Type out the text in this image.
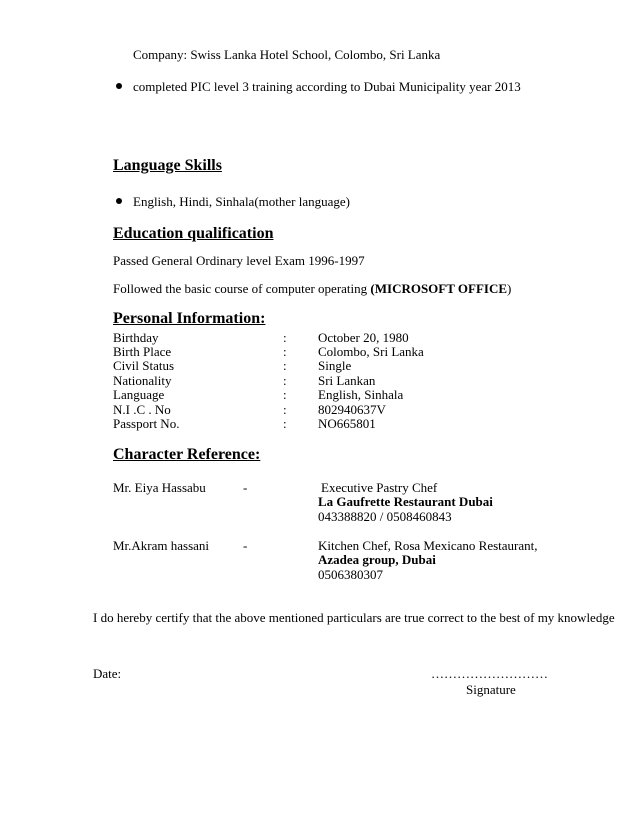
Company: Swiss Lanka Hotel School, Colombo, Sri Lanka
completed PIC level 3 training according to Dubai Municipality year 2013
Language Skills
English, Hindi, Sinhala(mother language)
Education qualification
Passed General Ordinary level Exam 1996-1997
Followed the basic course of computer operating (MICROSOFT OFFICE)
Personal Information:
Birthday	: October 20, 1980
Birth Place	: Colombo, Sri Lanka
Civil Status	: Single
Nationality	: Sri Lankan
Language	: English, Sinhala
N.I .C . No	: 802940637V
Passport No.	: NO665801
Character Reference:
Mr. Eiya Hassabu	-	Executive Pastry Chef
La Gaufrette Restaurant Dubai
043388820 / 0508460843
Mr.Akram hassani	-	Kitchen Chef, Rosa Mexicano Restaurant,
Azadea group, Dubai
0506380307
I do hereby certify that the above mentioned particulars are true correct to the best of my knowledge
Date:	………………………
Signature
